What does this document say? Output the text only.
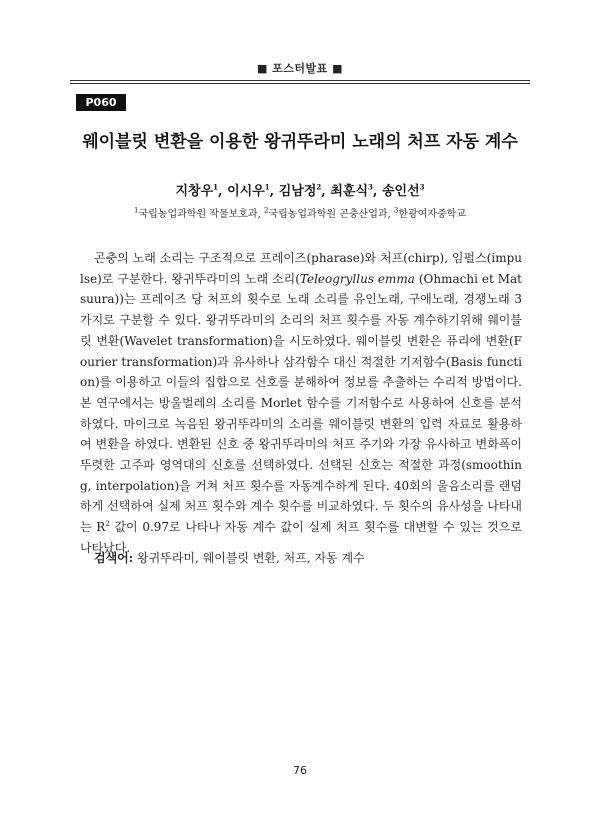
■ 포스터발표 ■
P060
웨이블릿 변환을 이용한 왕귀뚜라미 노래의 처프 자동 계수
지창우$^1$, 이시우$^1$, 김남정$^2$, 최훈식$^3$, 송인선$^3$
$^1$국립농업과학원 작물보호과, $^2$국립농업과학원 곤충산업과, $^3$한광여자중학교

곤충의 노래 소리는 구조적으로 프레이즈(pharase)와 처프(chirp), 임펄스(impulse)로 구분한다. 왕귀뚜라미의 노래 소리(Teleogryllus emma (Ohmachi et Matsuura))는 프레이즈 당 처프의 횟수로 노래 소리를 유인노래, 구애노래, 경쟁노래 3가지로 구분할 수 있다. 왕귀뚜라미의 소리의 처프 횟수를 자동 계수하기위해 웨이블릿 변환(Wavelet transformation)을 시도하였다. 웨이블릿 변환은 퓨리에 변환(Fourier transformation)과 유사하나 삼각함수 대신 적절한 기저함수(Basis function)를 이용하고 이들의 집합으로 신호를 분해하여 정보를 추출하는 수리적 방법이다. 본 연구에서는 방울벌레의 소리를 Morlet 함수를 기저함수로 사용하여 신호를 분석하였다. 마이크로 녹음된 왕귀뚜라미의 소리를 웨이블릿 변환의 입력 자료로 활용하여 변환을 하였다. 변환된 신호 중 왕귀뚜라미의 처프 주기와 가장 유사하고 변화폭이 뚜렷한 고주파 영역대의 신호를 선택하였다. 선택된 신호는 적절한 과정(smoothing, interpolation)을 거쳐 처프 횟수를 자동계수하게 된다. 40회의 울음소리를 랜덤하게 선택하여 실제 처프 횟수와 계수 횟수를 비교하였다. 두 횟수의 유사성을 나타내는 $R^2$ 값이 0.97로 나타나 자동 계수 값이 실제 처프 횟수를 대변할 수 있는 것으로 나타났다.

검색어: 왕귀뚜라미, 웨이블릿 변환, 처프, 자동 계수
76
